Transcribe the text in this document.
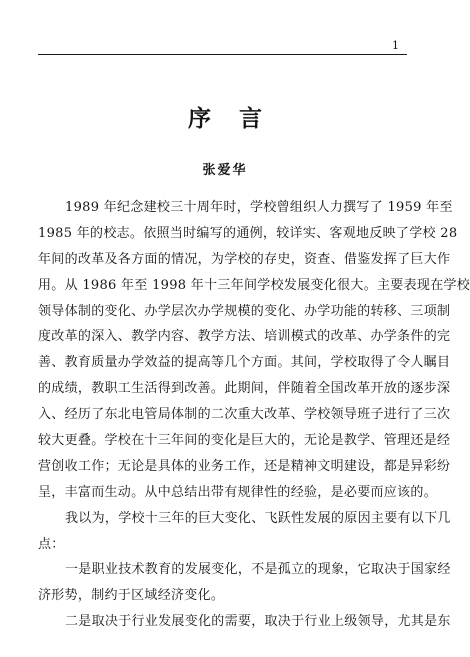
1
序言
张爱华
1989 年纪念建校三十周年时，学校曾组织人力撰写了 1959 年至
1985 年的校志。依照当时编写的通例，较详实、客观地反映了学校 28
年间的改革及各方面的情况，为学校的存史，资查、借鉴发挥了巨大作
用。从 1986 年至 1998 年十三年间学校发展变化很大。主要表现在学校
领导体制的变化、办学层次办学规模的变化、办学功能的转移、三项制
度改革的深入、教学内容、教学方法、培训模式的改革、办学条件的完
善、教育质量办学效益的提高等几个方面。其间，学校取得了令人瞩目
的成绩，教职工生活得到改善。此期间，伴随着全国改革开放的逐步深
入、经历了东北电管局体制的二次重大改革、学校领导班子进行了三次
较大更叠。学校在十三年间的变化是巨大的，无论是教学、管理还是经
营创收工作；无论是具体的业务工作，还是精神文明建设，都是异彩纷
呈，丰富而生动。从中总结出带有规律性的经验，是必要而应该的。
我以为，学校十三年的巨大变化、飞跃性发展的原因主要有以下几
点：
一是职业技术教育的发展变化，不是孤立的现象，它取决于国家经
济形势，制约于区域经济变化。
二是取决于行业发展变化的需要，取决于行业上级领导，尤其是东
